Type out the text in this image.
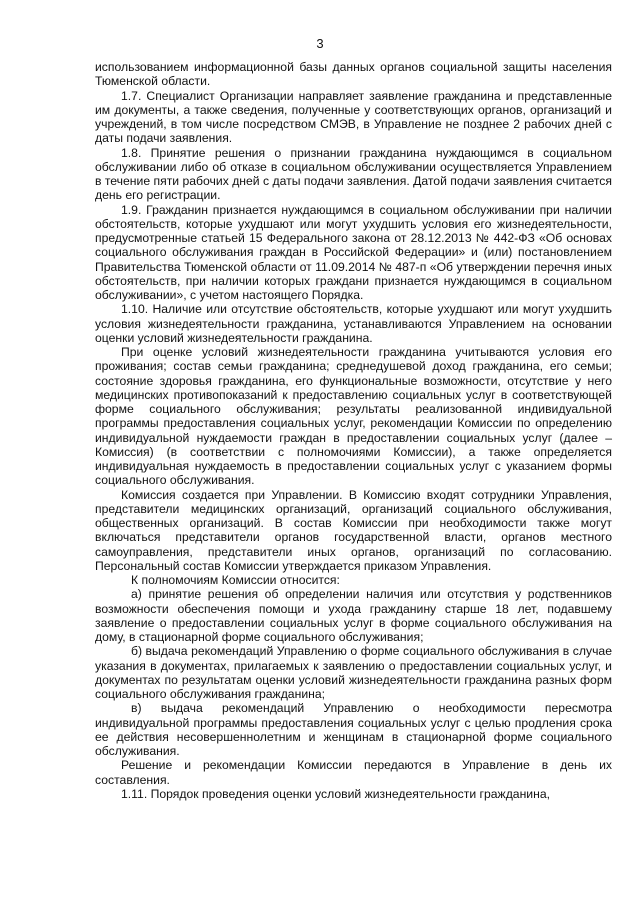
3

использованием информационной базы данных органов социальной защиты населения Тюменской области.

1.7. Специалист Организации направляет заявление гражданина и представленные им документы, а также сведения, полученные у соответствующих органов, организаций и учреждений, в том числе посредством СМЭВ, в Управление не позднее 2 рабочих дней с даты подачи заявления.

1.8. Принятие решения о признании гражданина нуждающимся в социальном обслуживании либо об отказе в социальном обслуживании осуществляется Управлением в течение пяти рабочих дней с даты подачи заявления. Датой подачи заявления считается день его регистрации.

1.9. Гражданин признается нуждающимся в социальном обслуживании при наличии обстоятельств, которые ухудшают или могут ухудшить условия его жизнедеятельности, предусмотренные статьей 15 Федерального закона от 28.12.2013 № 442-ФЗ «Об основах социального обслуживания граждан в Российской Федерации» и (или) постановлением Правительства Тюменской области от 11.09.2014 № 487-п «Об утверждении перечня иных обстоятельств, при наличии которых граждани признается нуждающимся в социальном обслуживании», с учетом настоящего Порядка.

1.10. Наличие или отсутствие обстоятельств, которые ухудшают или могут ухудшить условия жизнедеятельности гражданина, устанавливаются Управлением на основании оценки условий жизнедеятельности гражданина.

При оценке условий жизнедеятельности гражданина учитываются условия его проживания; состав семьи гражданина; среднедушевой доход гражданина, его семьи; состояние здоровья гражданина, его функциональные возможности, отсутствие у него медицинских противопоказаний к предоставлению социальных услуг в соответствующей форме социального обслуживания; результаты реализованной индивидуальной программы предоставления социальных услуг, рекомендации Комиссии по определению индивидуальной нуждаемости граждан в предоставлении социальных услуг (далее – Комиссия) (в соответствии с полномочиями Комиссии), а также определяется индивидуальная нуждаемость в предоставлении социальных услуг с указанием формы социального обслуживания.

Комиссия создается при Управлении. В Комиссию входят сотрудники Управления, представители медицинских организаций, организаций социального обслуживания, общественных организаций. В состав Комиссии при необходимости также могут включаться представители органов государственной власти, органов местного самоуправления, представители иных органов, организаций по согласованию. Персональный состав Комиссии утверждается приказом Управления.

К полномочиям Комиссии относится:

а) принятие решения об определении наличия или отсутствия у родственников возможности обеспечения помощи и ухода гражданину старше 18 лет, подавшему заявление о предоставлении социальных услуг в форме социального обслуживания на дому, в стационарной форме социального обслуживания;

б) выдача рекомендаций Управлению о форме социального обслуживания в случае указания в документах, прилагаемых к заявлению о предоставлении социальных услуг, и документах по результатам оценки условий жизнедеятельности гражданина разных форм социального обслуживания гражданина;

в) выдача рекомендаций Управлению о необходимости пересмотра индивидуальной программы предоставления социальных услуг с целью продления срока ее действия несовершеннолетним и женщинам в стационарной форме социального обслуживания.

Решение и рекомендации Комиссии передаются в Управление в день их составления.

1.11. Порядок проведения оценки условий жизнедеятельности гражданина,
